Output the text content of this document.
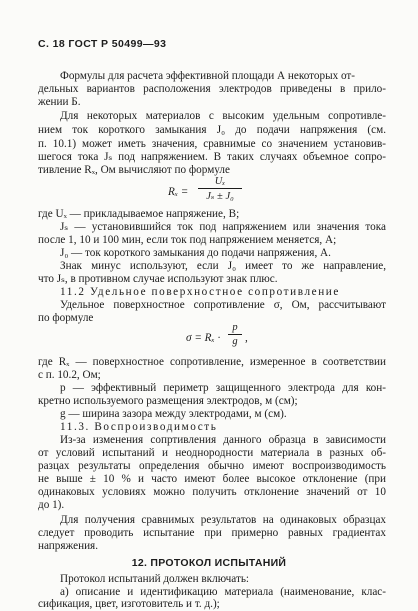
С. 18 ГОСТ Р 50499—93
Формулы для расчета эффективной площади А некоторых от-
дельных вариантов расположения электродов приведены в прило-
жении Б.
Для некоторых материалов с высоким удельным сопротивле-
нием ток короткого замыкания J₀ до подачи напряжения (см.
п. 10.1) может иметь значения, сравнимые со значением установив-
шегося тока Jₛ под напряжением. В таких случаях объемное сопро-
тивление Rₓ, Ом вычисляют по формуле
$R_x = \frac{\text{Uₓ}}{\text{Jₛ ± J₀}}$
где Uₓ — прикладываемое напряжение, В;
Jₛ — установившийся ток под напряжением или значения тока
после 1, 10 и 100 мин, если ток под напряжением меняется, А;
J₀ — ток короткого замыкания до подачи напряжения, А.
Знак минус используют, если J₀ имеет то же направление,
что Jₛ, в противном случае используют знак плюс.
11.2 Удельное поверхностное сопротивление
Удельное поверхностное сопротивление σ, Ом, рассчитывают
по формуле
$\sigma = R_x \cdot \frac{p}{g}$ ,
где Rₓ — поверхностное сопротивление, измеренное в соответствии
с п. 10.2, Ом;
p — эффективный периметр защищенного электрода для кон-
кретно используемого размещения электродов, м (см);
g — ширина зазора между электродами, м (см).
11.3. Воспроизводимость
Из-за изменения сопртивления данного образца в зависимости
от условий испытаний и неоднородности материала в разных об-
разцах результаты определения обычно имеют воспроизводимость
не выше ± 10 % и часто имеют более высокое отклонение (при
одинаковых условиях можно получить отклонение значений от 10
до 1).
Для получения сравнимых результатов на одинаковых образцах
следует проводить испытание при примерно равных градиентах
напряжения.
12. ПРОТОКОЛ ИСПЫТАНИЙ
Протокол испытаний должен включать:
а) описание и идентификацию материала (наименование, клас-
сификация, цвет, изготовитель и т. д.);
